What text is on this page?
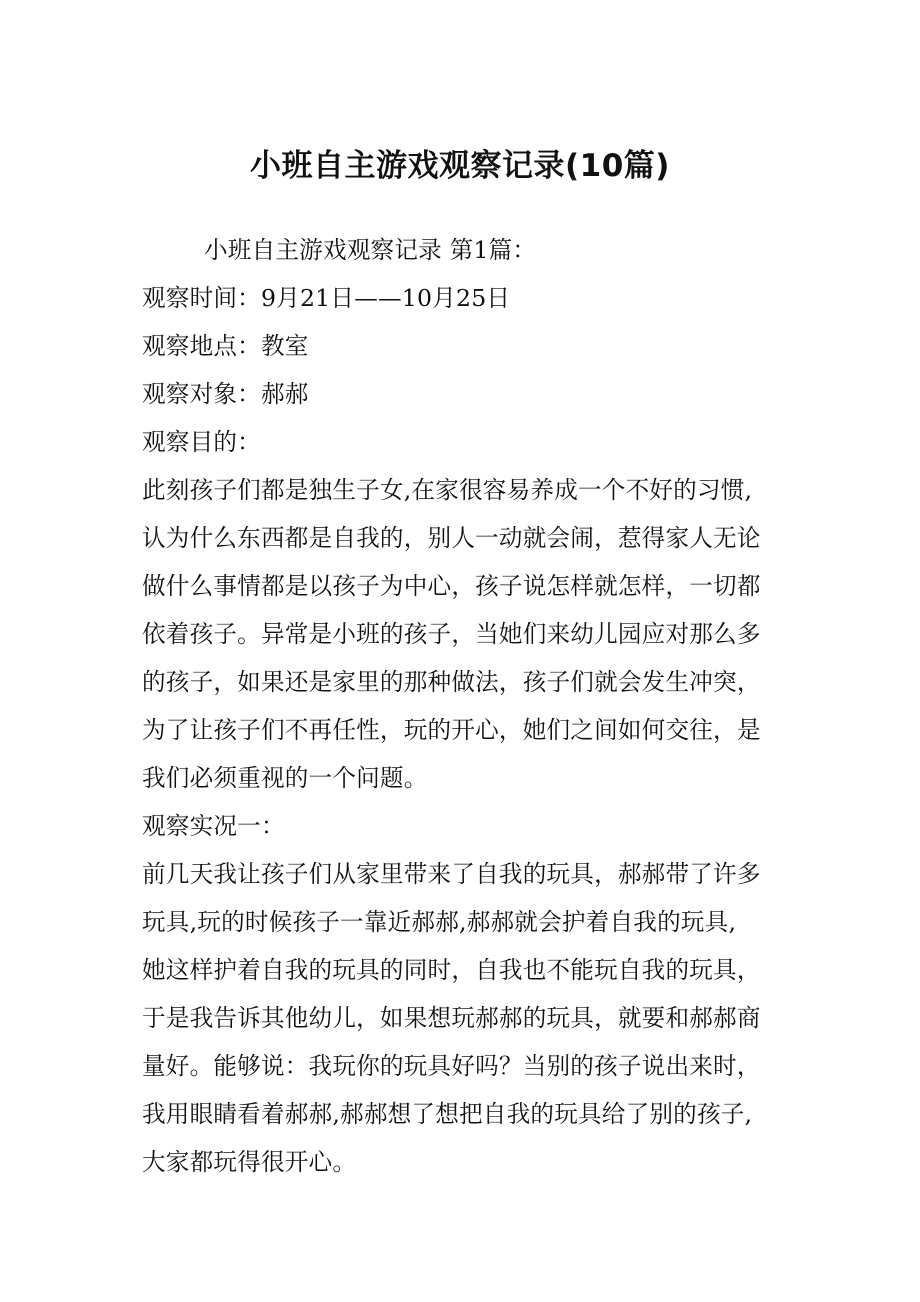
小班自主游戏观察记录(10篇)

小班自主游戏观察记录 第1篇：

观察时间：9月21日——10月25日

观察地点：教室

观察对象：郝郝

观察目的：

此刻孩子们都是独生子女,在家很容易养成一个不好的习惯,

认为什么东西都是自我的，别人一动就会闹，惹得家人无论

做什么事情都是以孩子为中心，孩子说怎样就怎样，一切都

依着孩子。异常是小班的孩子，当她们来幼儿园应对那么多

的孩子，如果还是家里的那种做法，孩子们就会发生冲突，

为了让孩子们不再任性，玩的开心，她们之间如何交往，是

我们必须重视的一个问题。

观察实况一：

前几天我让孩子们从家里带来了自我的玩具，郝郝带了许多

玩具,玩的时候孩子一靠近郝郝,郝郝就会护着自我的玩具,

她这样护着自我的玩具的同时，自我也不能玩自我的玩具，

于是我告诉其他幼儿，如果想玩郝郝的玩具，就要和郝郝商

量好。能够说：我玩你的玩具好吗？当别的孩子说出来时，

我用眼睛看着郝郝,郝郝想了想把自我的玩具给了别的孩子,

大家都玩得很开心。
